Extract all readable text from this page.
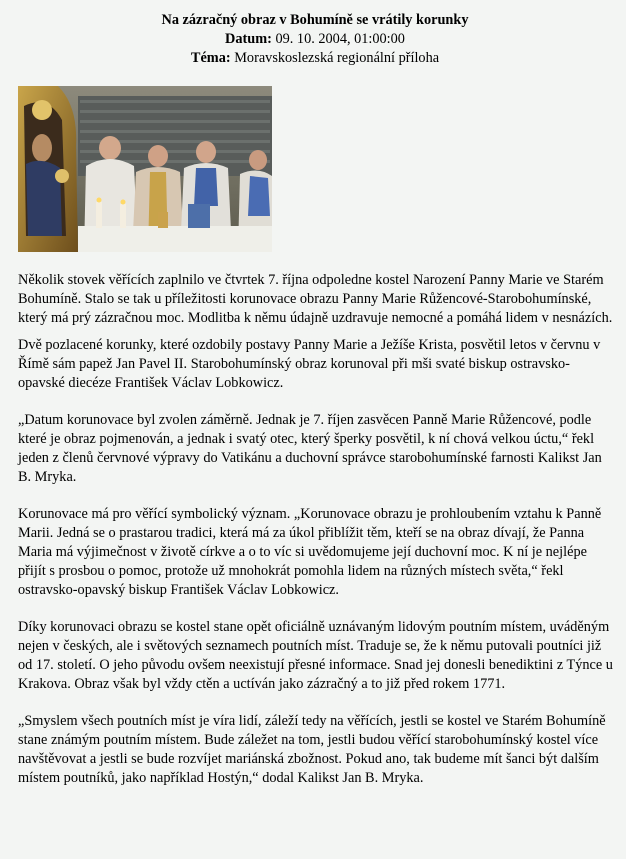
Na zázračný obraz v Bohumíně se vrátily korunky
Datum: 09. 10. 2004, 01:00:00
Téma: Moravskoslezská regionální příloha

Několik stovek věřících zaplnilo ve čtvrtek 7. října odpoledne kostel Narození Panny Marie ve Starém Bohumíně. Stalo se tak u příležitosti korunovace obrazu Panny Marie Růžencové-Starobohumínské, který má prý zázračnou moc. Modlitba k němu údajně uzdravuje nemocné a pomáhá lidem v nesnázích.

Dvě pozlacené korunky, které ozdobily postavy Panny Marie a Ježíše Krista, posvětil letos v červnu v Římě sám papež Jan Pavel II. Starobohumínský obraz korunoval při mši svaté biskup ostravsko-opavské diecéze František Václav Lobkowicz.

„Datum korunovace byl zvolen záměrně. Jednak je 7. říjen zasvěcen Panně Marie Růžencové, podle které je obraz pojmenován, a jednak i svatý otec, který šperky posvětil, k ní chová velkou úctu,“ řekl jeden z členů červnové výpravy do Vatikánu a duchovní správce starobohumínské farnosti Kalikst Jan B. Mryka.

Korunovace má pro věřící symbolický význam. „Korunovace obrazu je prohloubením vztahu k Panně Marii. Jedná se o prastarou tradici, která má za úkol přiblížit těm, kteří se na obraz dívají, že Panna Maria má výjimečnost v životě církve a o to víc si uvědomujeme její duchovní moc. K ní je nejlépe přijít s prosbou o pomoc, protože už mnohokrát pomohla lidem na různých místech světa,“ řekl ostravsko-opavský biskup František Václav Lobkowicz.

Díky korunovaci obrazu se kostel stane opět oficiálně uznávaným lidovým poutním místem, uváděným nejen v českých, ale i světových seznamech poutních míst. Traduje se, že k němu putovali poutníci již od 17. století. O jeho původu ovšem neexistují přesné informace. Snad jej donesli benediktini z Týnce u Krakova. Obraz však byl vždy ctěn a uctíván jako zázračný a to již před rokem 1771.

„Smyslem všech poutních míst je víra lidí, záleží tedy na věřících, jestli se kostel ve Starém Bohumíně stane známým poutním místem. Bude záležet na tom, jestli budou věřící starobohumínský kostel více navštěvovat a jestli se bude rozvíjet mariánská zbožnost. Pokud ano, tak budeme mít šanci být dalším místem poutníků, jako například Hostýn,“ dodal Kalikst Jan B. Mryka.
